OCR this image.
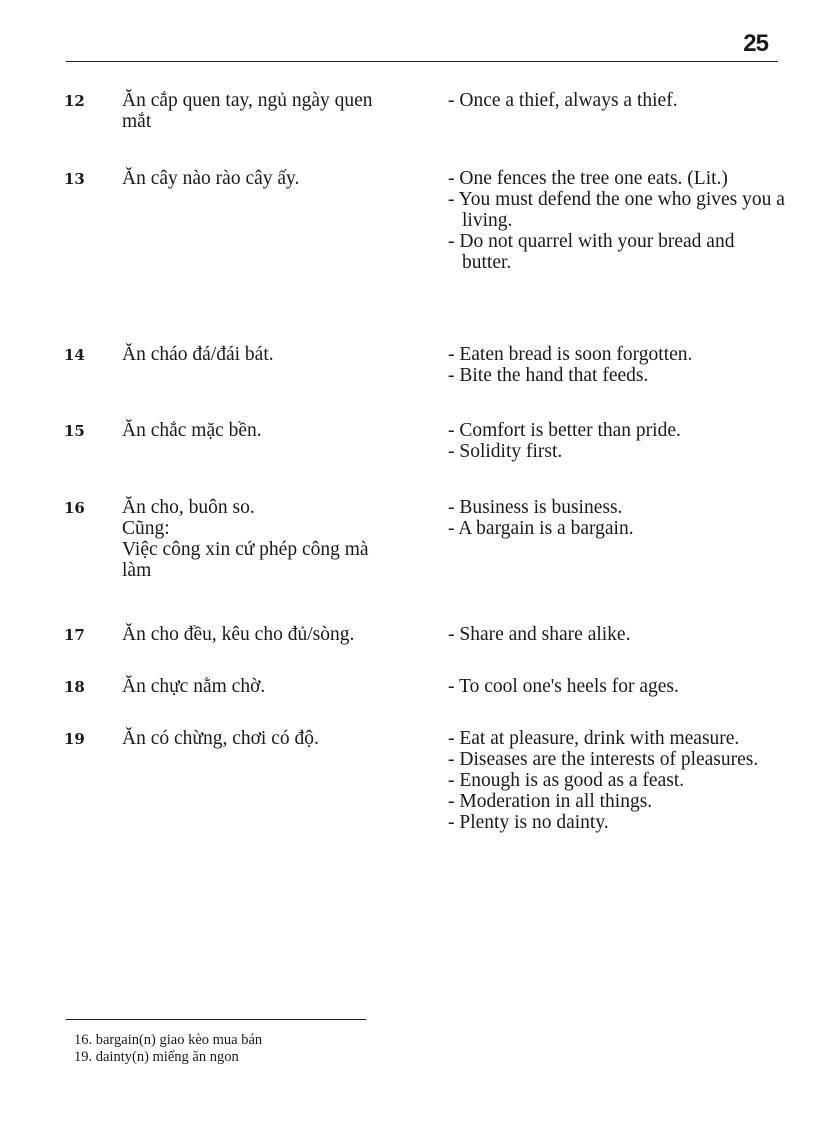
25
12 Ăn cắp quen tay, ngủ ngày quen
mắt
- Once a thief, always a thief.
13 Ăn cây nào rào cây ấy.	- One fences the tree one eats. (Lit.)
- You must defend the one who gives you a living.
- Do not quarrel with your bread and butter.
14 Ăn cháo đá/đái bát.	- Eaten bread is soon forgotten.
- Bite the hand that feeds.
15 Ăn chắc mặc bền.	- Comfort is better than pride.
- Solidity first.
16 Ăn cho, buôn so.
Cũng:
Việc công xin cứ phép công mà
làm
- Business is business.
- A bargain is a bargain.
17 Ăn cho đều, kêu cho đủ/sòng.	- Share and share alike.
18 Ăn chực nằm chờ.	- To cool one's heels for ages.
19 Ăn có chừng, chơi có độ.	- Eat at pleasure, drink with measure.
- Diseases are the interests of pleasures.
- Enough is as good as a feast.
- Moderation in all things.
- Plenty is no dainty.
16. bargain(n) giao kèo mua bán
19. dainty(n) miếng ăn ngon
